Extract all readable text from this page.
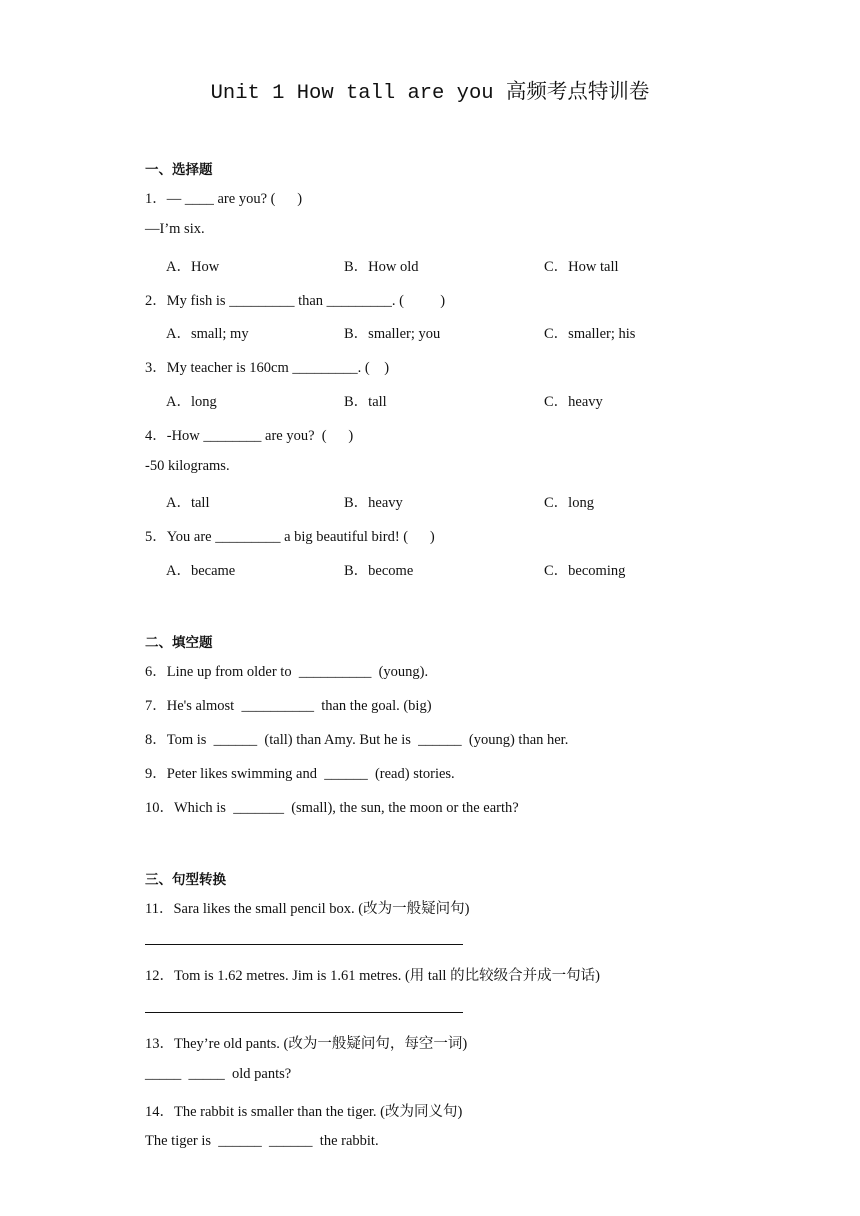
Unit 1 How tall are you 高频考点特训卷
一、选择题
1．— ____ are you? (      )
—I’m six.
A．How	B．How old	C．How tall
2．My fish is _________ than _________. (          )
A．small; my	B．smaller; you	C．smaller; his
3．My teacher is 160cm _________. (    )
A．long	B．tall	C．heavy
4．-How ________ are you?  (      )
-50 kilograms.
A．tall	B．heavy	C．long
5．You are _________ a big beautiful bird! (      )
A．became	B．become	C．becoming
二、填空题
6．Line up from older to  __________  (young).
7．He's almost  __________  than the goal. (big)
8．Tom is  ______  (tall) than Amy. But he is  ______  (young) than her.
9．Peter likes swimming and  ______  (read) stories.
10．Which is  _______  (small), the sun, the moon or the earth?
三、句型转换
11．Sara likes the small pencil box. (改为一般疑问句)
12．Tom is 1.62 metres. Jim is 1.61 metres. (用 tall 的比较级合并成一句话)
13．They’re old pants. (改为一般疑问句，每空一词)
_____  _____  old pants?
14．The rabbit is smaller than the tiger. (改为同义句)
The tiger is  ______  ______  the rabbit.
